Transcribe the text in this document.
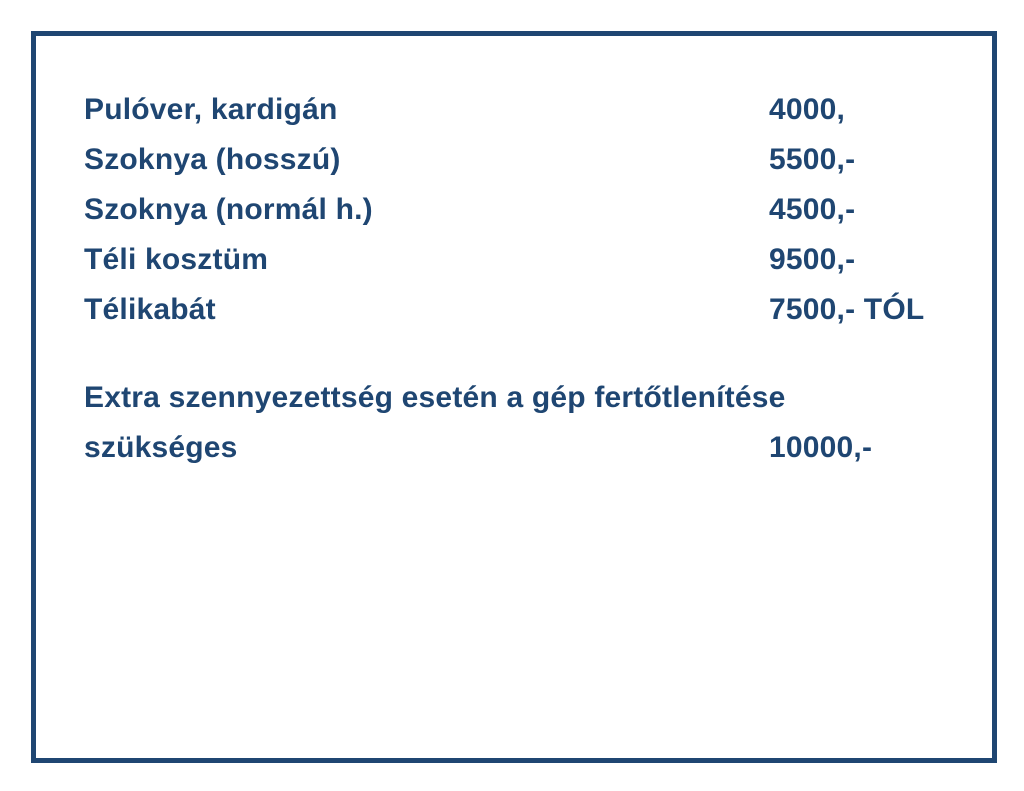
Pulóver, kardigán	4000,
Szoknya (hosszú)	5500,-
Szoknya (normál h.)	4500,-
Téli kosztüm	9500,-
Télikabát	7500,- TÓL
Extra szennyezettség esetén a gép fertőtlenítése
szükséges	10000,-
